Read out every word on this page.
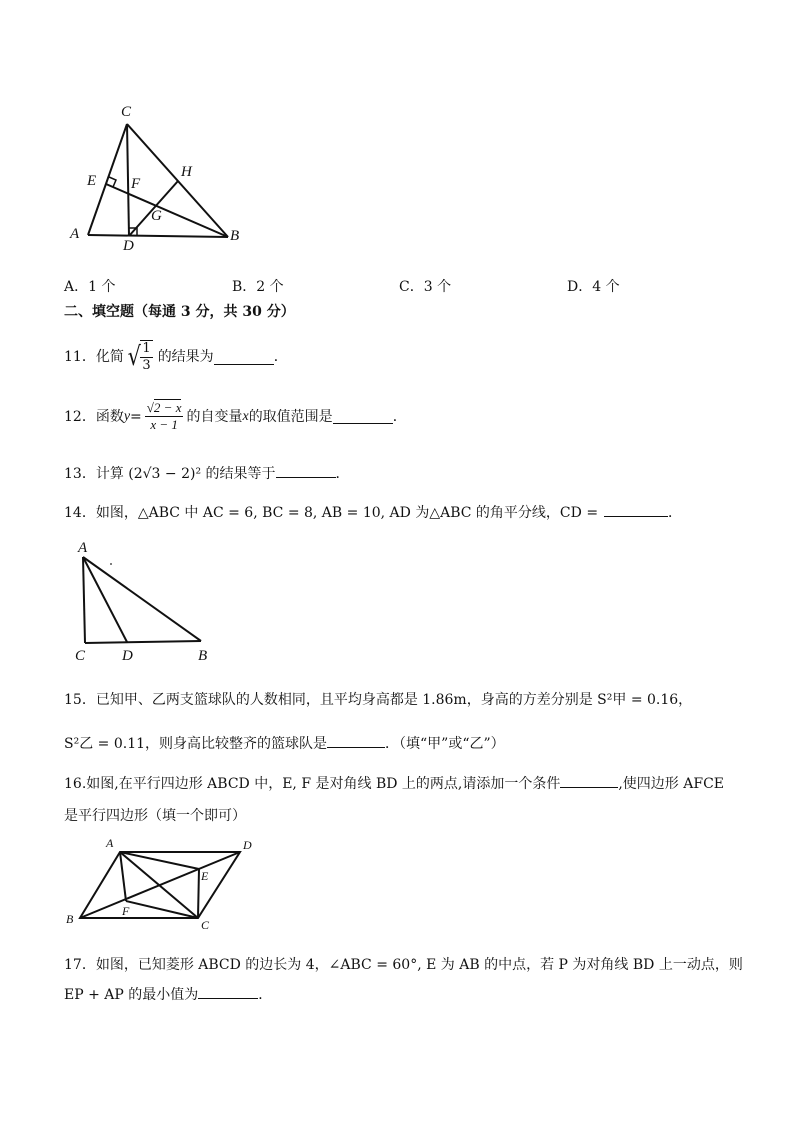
C
E F
H
G
A
D
B
A．1 个	B．2 个	C．3 个	D．4 个
二、填空题（每通 3 分，共 30 分）
11．化简 √ $\frac{1}{3}$ 的结果为	．
12．函数 $y = \frac{√2 - x}{x - 1}$ 的自变量 x 的取值范围是	．
13．计算 (2√3 − 2)² 的结果等于	．
14．如图，△ABC 中 AC = 6, BC = 8, AB = 10, AD 为△ABC 的角平分线，CD =	．
A
C D	B
15．已知甲、乙两支篮球队的人数相同，且平均身高都是 1.86m，身高的方差分别是 S²甲 = 0.16，
S²乙 = 0.11，则身高比较整齐的篮球队是	．（填“甲”或“乙”）
16.如图,在平行四边形 ABCD 中，E, F 是对角线 BD 上的两点,请添加一个条件	,使四边形 AFCE
是平行四边形（填一个即可）
A	D
E
B
F
C
17．如图，已知菱形 ABCD 的边长为 4，∠ABC = 60°, E 为 AB 的中点，若 P 为对角线 BD 上一动点，则
EP + AP 的最小值为	．
